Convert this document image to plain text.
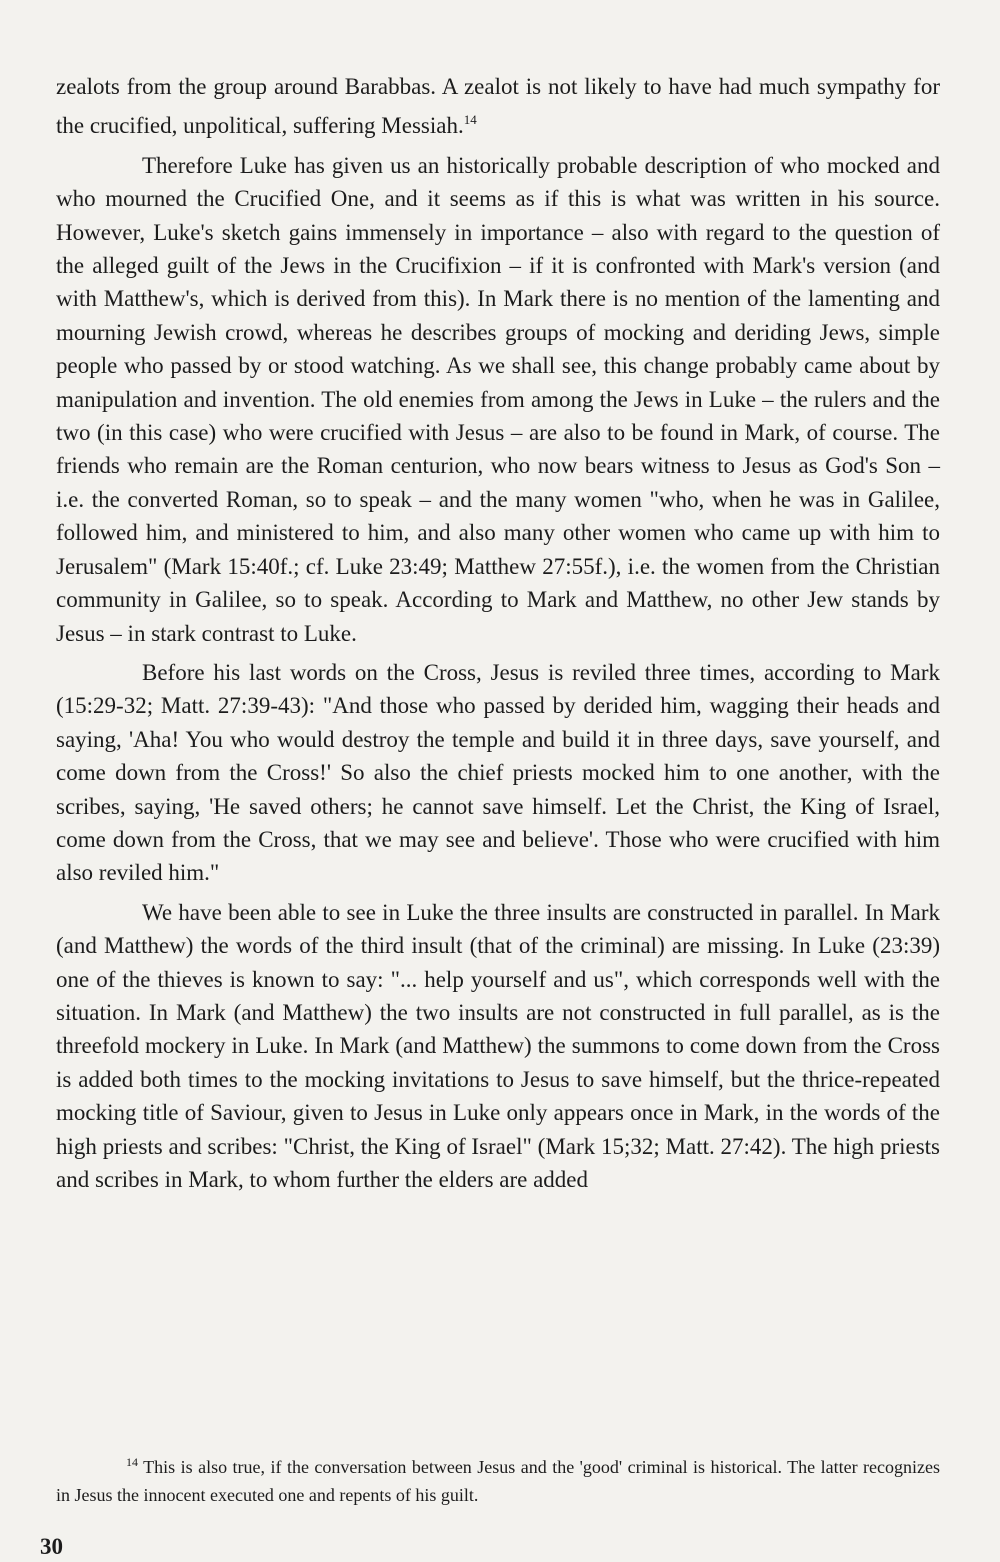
zealots from the group around Barabbas. A zealot is not likely to have had much sympathy for the crucified, unpolitical, suffering Messiah.$^{14}$

Therefore Luke has given us an historically probable description of who mocked and who mourned the Crucified One, and it seems as if this is what was written in his source. However, Luke's sketch gains immensely in importance – also with regard to the question of the alleged guilt of the Jews in the Crucifixion – if it is confronted with Mark's version (and with Matthew's, which is derived from this). In Mark there is no mention of the lamenting and mourning Jewish crowd, whereas he describes groups of mocking and deriding Jews, simple people who passed by or stood watching. As we shall see, this change probably came about by manipulation and invention. The old enemies from among the Jews in Luke – the rulers and the two (in this case) who were crucified with Jesus – are also to be found in Mark, of course. The friends who remain are the Roman centurion, who now bears witness to Jesus as God's Son – i.e. the converted Roman, so to speak – and the many women "who, when he was in Galilee, followed him, and ministered to him, and also many other women who came up with him to Jerusalem" (Mark 15:40f.; cf. Luke 23:49; Matthew 27:55f.), i.e. the women from the Christian community in Galilee, so to speak. According to Mark and Matthew, no other Jew stands by Jesus – in stark contrast to Luke.

Before his last words on the Cross, Jesus is reviled three times, according to Mark (15:29-32; Matt. 27:39-43): "And those who passed by derided him, wagging their heads and saying, 'Aha! You who would destroy the temple and build it in three days, save yourself, and come down from the Cross!' So also the chief priests mocked him to one another, with the scribes, saying, 'He saved others; he cannot save himself. Let the Christ, the King of Israel, come down from the Cross, that we may see and believe'. Those who were crucified with him also reviled him."

We have been able to see in Luke the three insults are constructed in parallel. In Mark (and Matthew) the words of the third insult (that of the criminal) are missing. In Luke (23:39) one of the thieves is known to say: "... help yourself and us", which corresponds well with the situation. In Mark (and Matthew) the two insults are not constructed in full parallel, as is the threefold mockery in Luke. In Mark (and Matthew) the summons to come down from the Cross is added both times to the mocking invitations to Jesus to save himself, but the thrice-repeated mocking title of Saviour, given to Jesus in Luke only appears once in Mark, in the words of the high priests and scribes: "Christ, the King of Israel" (Mark 15;32; Matt. 27:42). The high priests and scribes in Mark, to whom further the elders are added

$^{14}$ This is also true, if the conversation between Jesus and the 'good' criminal is historical. The latter recognizes in Jesus the innocent executed one and repents of his guilt.

30
